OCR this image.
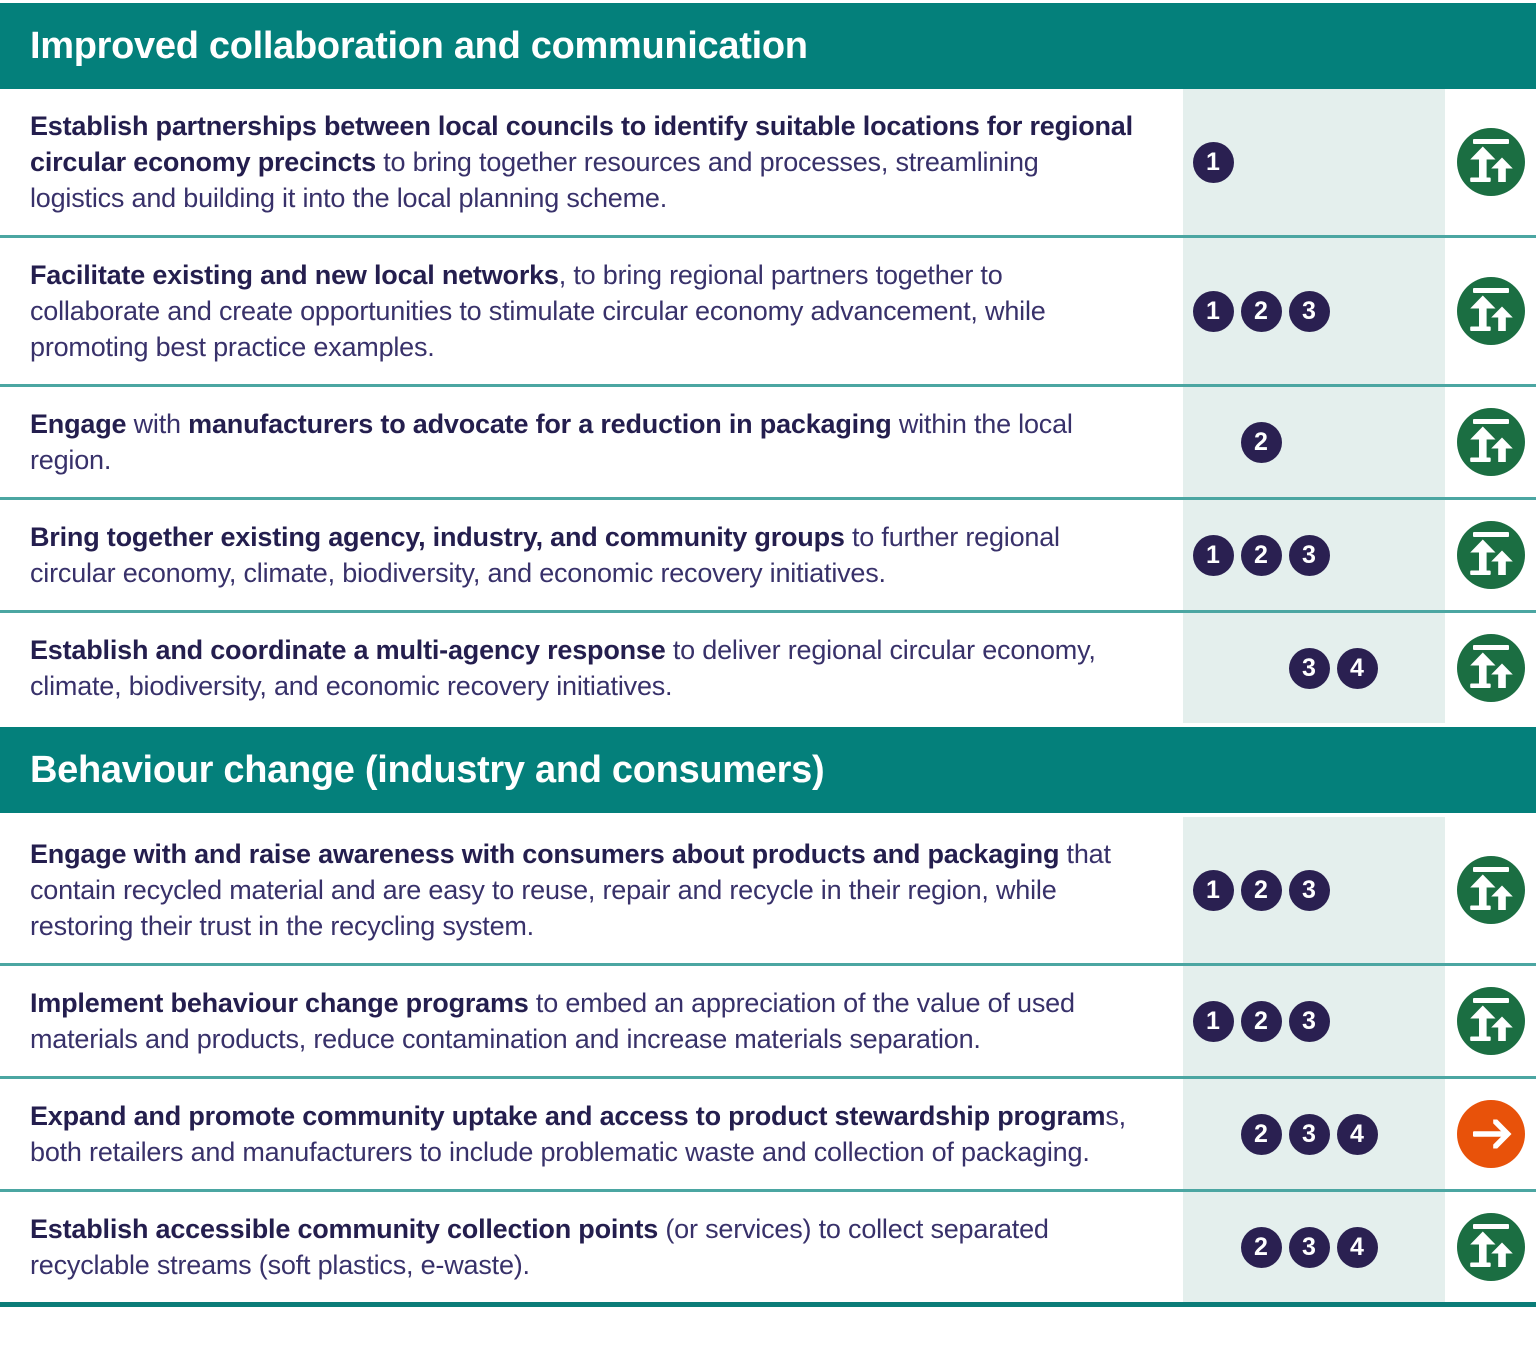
Improved collaboration and communication
Establish partnerships between local councils to identify suitable locations for regional circular economy precincts to bring together resources and processes, streamlining logistics and building it into the local planning scheme.
1
Facilitate existing and new local networks, to bring regional partners together to collaborate and create opportunities to stimulate circular economy advancement, while promoting best practice examples.
1	2	3
Engage with manufacturers to advocate for a reduction in packaging within the local region.
2
Bring together existing agency, industry, and community groups to further regional circular economy, climate, biodiversity, and economic recovery initiatives.
1	2	3
Establish and coordinate a multi-agency response to deliver regional circular economy, climate, biodiversity, and economic recovery initiatives.
3	4
Behaviour change (industry and consumers)
Engage with and raise awareness with consumers about products and packaging that contain recycled material and are easy to reuse, repair and recycle in their region, while restoring their trust in the recycling system.
1	2	3
Implement behaviour change programs to embed an appreciation of the value of used materials and products, reduce contamination and increase materials separation.
1	2	3
Expand and promote community uptake and access to product stewardship programs, both retailers and manufacturers to include problematic waste and collection of packaging.
2	3	4
Establish accessible community collection points (or services) to collect separated recyclable streams (soft plastics, e-waste).
2	3	4
